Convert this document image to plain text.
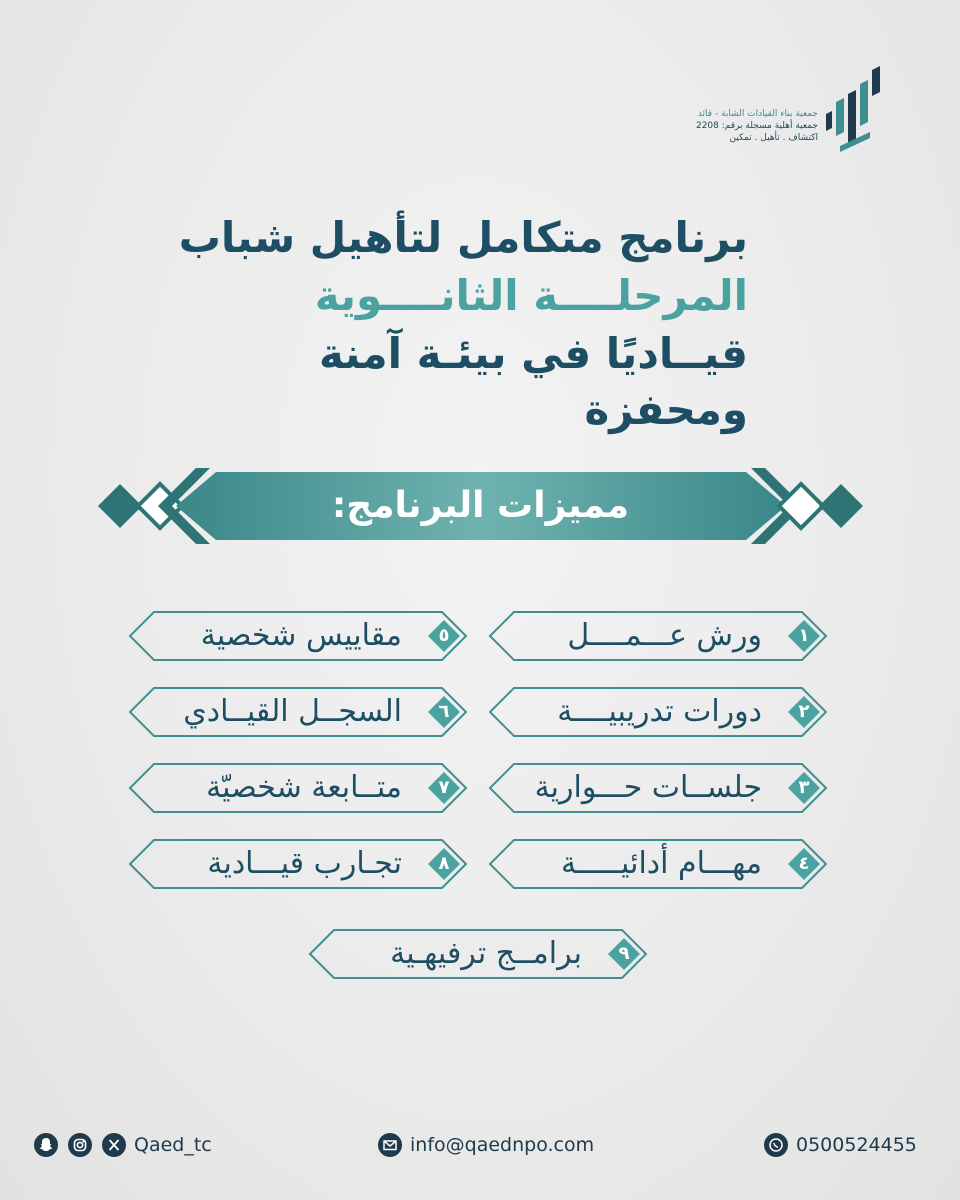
جمعية بناء القيادات الشابة - قائد
جمعية أهلية مسجلة برقم: 2208
اكتشاف . تأهيل . تمكين
برنامج متكامل لتأهيل شباب
المرحلــــة الثانــــوية
قيــاديًا في بيئـة آمنة ومحفزة
مميزات البرنامج:
ورش عـــمــــل	١
دورات تدريبيــــة	٢
جلســات حـــوارية	٣
مهـــام أدائيـــــة	٤
مقاييس شخصية	٥
السجــل القيــادي	٦
متــابعة شخصيّة	٧
تجـارب قيـــادية	٨
برامــج ترفيهـية	٩
Qaed_tc	info@qaednpo.com	0500524455
